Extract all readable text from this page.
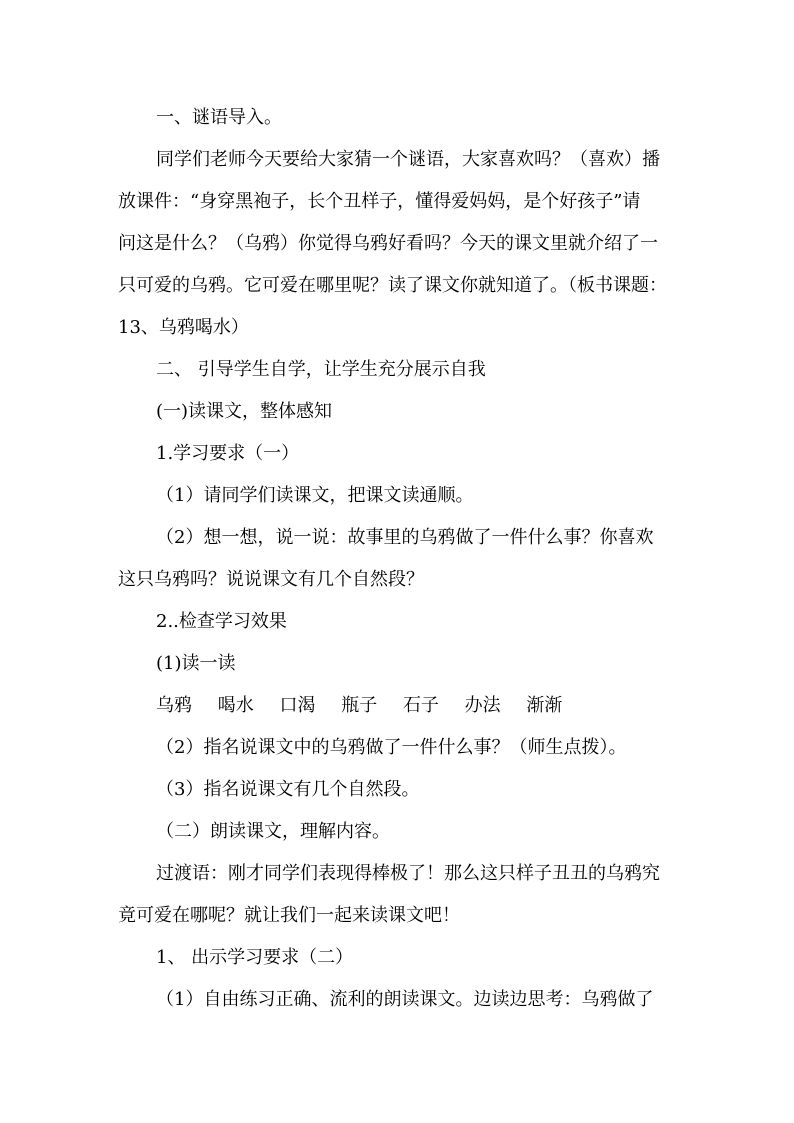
一、谜语导入。
同学们老师今天要给大家猜一个谜语，大家喜欢吗？（喜欢）播
放课件：“身穿黑袍子，长个丑样子，懂得爱妈妈，是个好孩子”请
问这是什么？（乌鸦）你觉得乌鸦好看吗？今天的课文里就介绍了一
只可爱的乌鸦。它可爱在哪里呢？读了课文你就知道了。（板书课题：
13、乌鸦喝水）
二、 引导学生自学，让学生充分展示自我
(一)读课文，整体感知
1.学习要求（一）
（1）请同学们读课文，把课文读通顺。
（2）想一想，说一说：故事里的乌鸦做了一件什么事？你喜欢
这只乌鸦吗？说说课文有几个自然段？
2..检查学习效果
(1)读一读
乌鸦 喝水 口渴 瓶子 石子 办法 渐渐
（2）指名说课文中的乌鸦做了一件什么事？（师生点拨）。
（3）指名说课文有几个自然段。
（二）朗读课文，理解内容。
过渡语：刚才同学们表现得棒极了！那么这只样子丑丑的乌鸦究
竟可爱在哪呢？就让我们一起来读课文吧！
1、 出示学习要求（二）
（1）自由练习正确、流利的朗读课文。边读边思考：乌鸦做了
